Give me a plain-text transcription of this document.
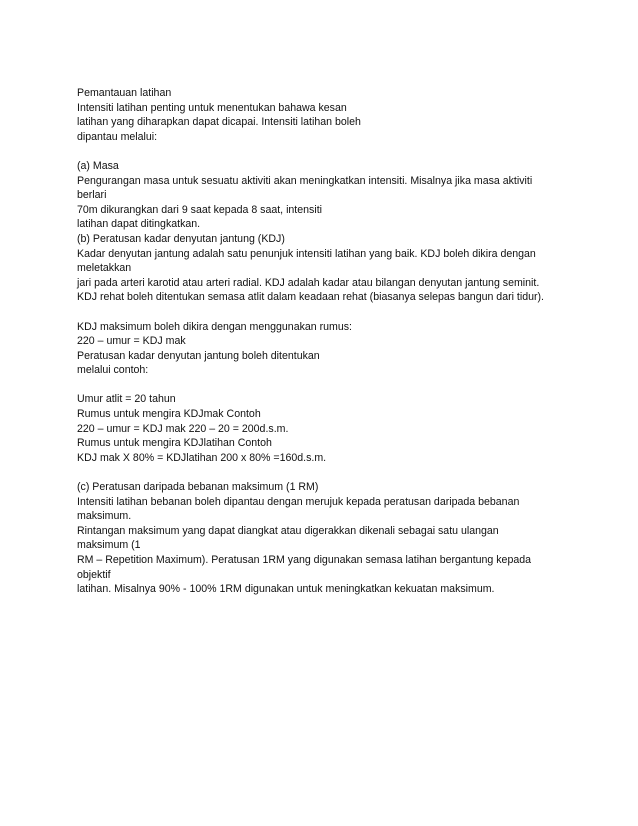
Pemantauan latihan
Intensiti latihan penting untuk menentukan bahawa kesan
latihan yang diharapkan dapat dicapai. Intensiti latihan boleh
dipantau melalui:
(a) Masa
Pengurangan masa untuk sesuatu aktiviti akan meningkatkan intensiti. Misalnya jika masa aktiviti
berlari
70m dikurangkan dari 9 saat kepada 8 saat, intensiti
latihan dapat ditingkatkan.
(b) Peratusan kadar denyutan jantung (KDJ)
Kadar denyutan jantung adalah satu penunjuk intensiti latihan yang baik. KDJ boleh dikira dengan
meletakkan
jari pada arteri karotid atau arteri radial. KDJ adalah kadar atau bilangan denyutan jantung seminit.
KDJ rehat boleh ditentukan semasa atlit dalam keadaan rehat (biasanya selepas bangun dari tidur).
KDJ maksimum boleh dikira dengan menggunakan rumus:
220 – umur = KDJ mak
Peratusan kadar denyutan jantung boleh ditentukan
melalui contoh:
Umur atlit = 20 tahun
Rumus untuk mengira KDJmak Contoh
220 – umur = KDJ mak 220 – 20 = 200d.s.m.
Rumus untuk mengira KDJlatihan Contoh
KDJ mak X 80% = KDJlatihan 200 x 80% =160d.s.m.
(c) Peratusan daripada bebanan maksimum (1 RM)
Intensiti latihan bebanan boleh dipantau dengan merujuk kepada peratusan daripada bebanan
maksimum.
Rintangan maksimum yang dapat diangkat atau digerakkan dikenali sebagai satu ulangan
maksimum (1
RM – Repetition Maximum). Peratusan 1RM yang digunakan semasa latihan bergantung kepada
objektif
latihan. Misalnya 90% - 100% 1RM digunakan untuk meningkatkan kekuatan maksimum.
